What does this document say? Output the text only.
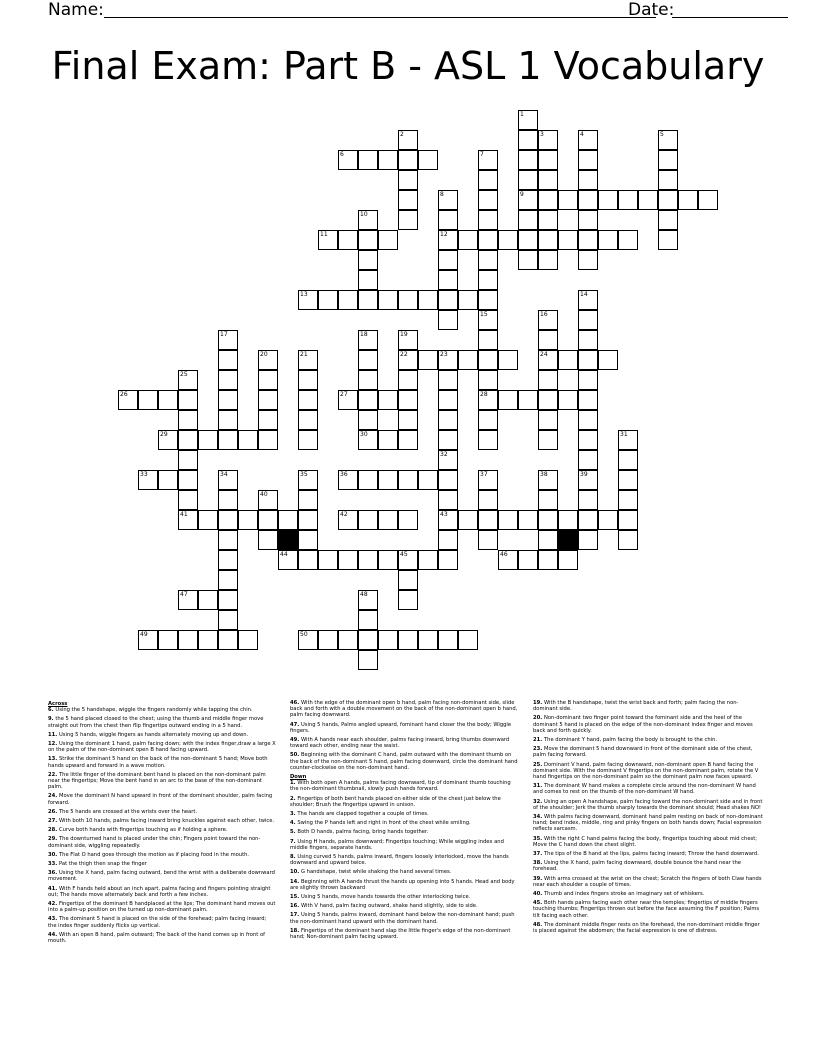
Name:	Date:
Final Exam: Part B - ASL 1 Vocabulary
1
9
2	3	4	5
6	7
8
12
10
11
13	14
15
28
16
24
17	18
30
19
22
20	21	23
32
25
26	27
29	31
43
33	34	35	36	37	38	39
40
41	42
44	45	46
47	48
49	50
Across
6. Using the 5 handshape, wiggle the fingers randomly while tapping the chin.
9. the 5 hand placed closed to the chest; using the thumb and middle finger move straight out from the chest then flip fingertips outward ending in a 5 hand.
11. Using 5 hands, wiggle fingers as hands alternately moving up and down.
12. Using the dominant 1 hand, palm facing down; with the index finger,draw a large X on the palm of the non-dominant open B hand facing upward.
13. Strike the dominant 5 hand on the back of the non-dominant 5 hand; Move both hands upward and forward in a wave motion.
22. The little finger of the dominant bent hand is placed on the non-dominant palm near the fingertips; Move the bent hand in an arc to the base of the non-dominant palm.
24. Move the dominant N hand upward in front of the dominant shoulder, palm facing forward.
26. The 5 hands are crossed at the wrists over the heart.
27. With both 10 hands, palms facing inward bring knuckles against each other, twice.
28. Curve both hands with fingertips touching as if holding a sphere.
29. The downturned hand is placed under the chin; Fingers point toward the non-dominant side, wiggling repeatedly.
30. The Flat O hand goes through the motion as if placing food in the mouth.
33. Pat the thigh then snap the finger
36. Using the X hand, palm facing outward, bend the wrist with a deliberate downward movement.
41. With F hands held about an inch apart, palms facing and fingers pointing straight out; The hands move alternately back and forth a few inches.
42. Fingertips of the dominant B handplaced at the lips; The dominant hand moves out into a palm-up position on the turned up non-dominant palm.
43. The dominant 5 hand is placed on the side of the forehead; palm facing inward; the index finger suddenly flicks up vertical.
44. With an open B hand, palm outward; The back of the hand comes up in front of mouth.
46. With the edge of the dominant open b hand, palm facing non-dominant side, slide back and forth with a double movement on the back of the non-dominant open b hand, palm facing downward.
47. Using 5 hands, Palms angled upward, fominant hand closer the the body; Wiggle fingers.
49. With A hands near each shoulder, palms facing inward, bring thumbs downward toward each other, ending near the waist.
50. Beginning with the dominant C hand, palm outward with the dominant thumb on the back of the non-dominant 5 hand, palm facing downward, circle the dominant hand counter-clockwise on the non-dominant hand.
Down
1. With both open A hands, palms facing downward, tip of dominant thumb touching the non-dominant thumbnail, slowly push hands forward.
2. Fingertips of both bent hands placed on either side of the chest just below the shoulder; Brush the fingertips upward in unison.
3. The hands are clapped together a couple of times.
4. Swing the P hands left and right in front of the chest while smiling.
5. Both D hands, palms facing, bring hands together.
7. Using H hands, palms downward; Fingertips touching; While wiggling index and middle fingers, separate hands.
8. Using curved 5 hands, palms inward, fingers loosely interlocked, move the hands downward and upward twice.
10. G handshape, twist while shaking the hand several times.
14. Beginning with A hands thrust the hands up opening into 5 hands. Head and body are slightly thrown backward
15. Using 5 hands, move hands towards the other interlocking twice.
16. With V hand, palm facing outward, shake hand slightly, side to side.
17. Using 5 hands, palms inward, dominant hand below the non-dominant hand; push the non-dominant hand upward with the dominant hand.
18. Fingertips of the dominant hand slap the little finger's edge of the non-dominant hand; Non-dominant palm facing upward.
19. With the B handshape, twist the wrist back and forth; palm facing the non-dominant side.
20. Non-dominant two finger point toward the fominant side and the heel of the dominant 5 hand is placed on the edge of the non-dominant index finger and moves back and forth quickly.
21. The dominant Y hand, palm facing the body is brought to the chin.
23. Move the dominant 5 hand downward in front of the dominant side of the chest, palm facing forward.
25. Dominant V hand, palm facing downward, non-dominant open B hand facing the dominant side. With the dominant V fingertips on the non-dominant palm, rotate the V hand fingertips on the non-dominant palm so the dominant palm now faces upward.
31. The dominant W hand makes a complete circle around the non-dominant W hand and comes to rest on the thumb of the non-dominant W hand.
32. Using an open A handshape, palm facing toward the non-dominant side and in front of the shoulder; Jerk the thumb sharply towards the dominant should; Head shakes NO!
34. With palms facing downward, dominant hand palm resting on back of non-dominant hand; bend index, middle, ring and pinky fingers on both hands down; Facial expression reflects sarcasm.
35. With the right C hand palms facing the body, fingertips touching about mid chest; Move the C hand down the chest slight.
37. The tips of the B hand at the lips, palms facing inward; Throw the hand downward.
38. Using the X hand, palm facing downward, double bounce the hand near the forehead.
39. With arms crossed at the wrist on the chest; Scratch the fingers of both Claw hands near each shoulder a couple of times.
40. Thumb and index fingers stroke an imaginary set of whiskers.
45. Both hands palms facing each other near the temples; fingertips of middle fingers touching thumbs; Fingertips thrown out before the face assuming the F position; Palms tilt facing each other.
48. The dominant middle finger rests on the forehead, the non-dominant middle finger is placed against the abdomen; the facial expression is one of distress.
